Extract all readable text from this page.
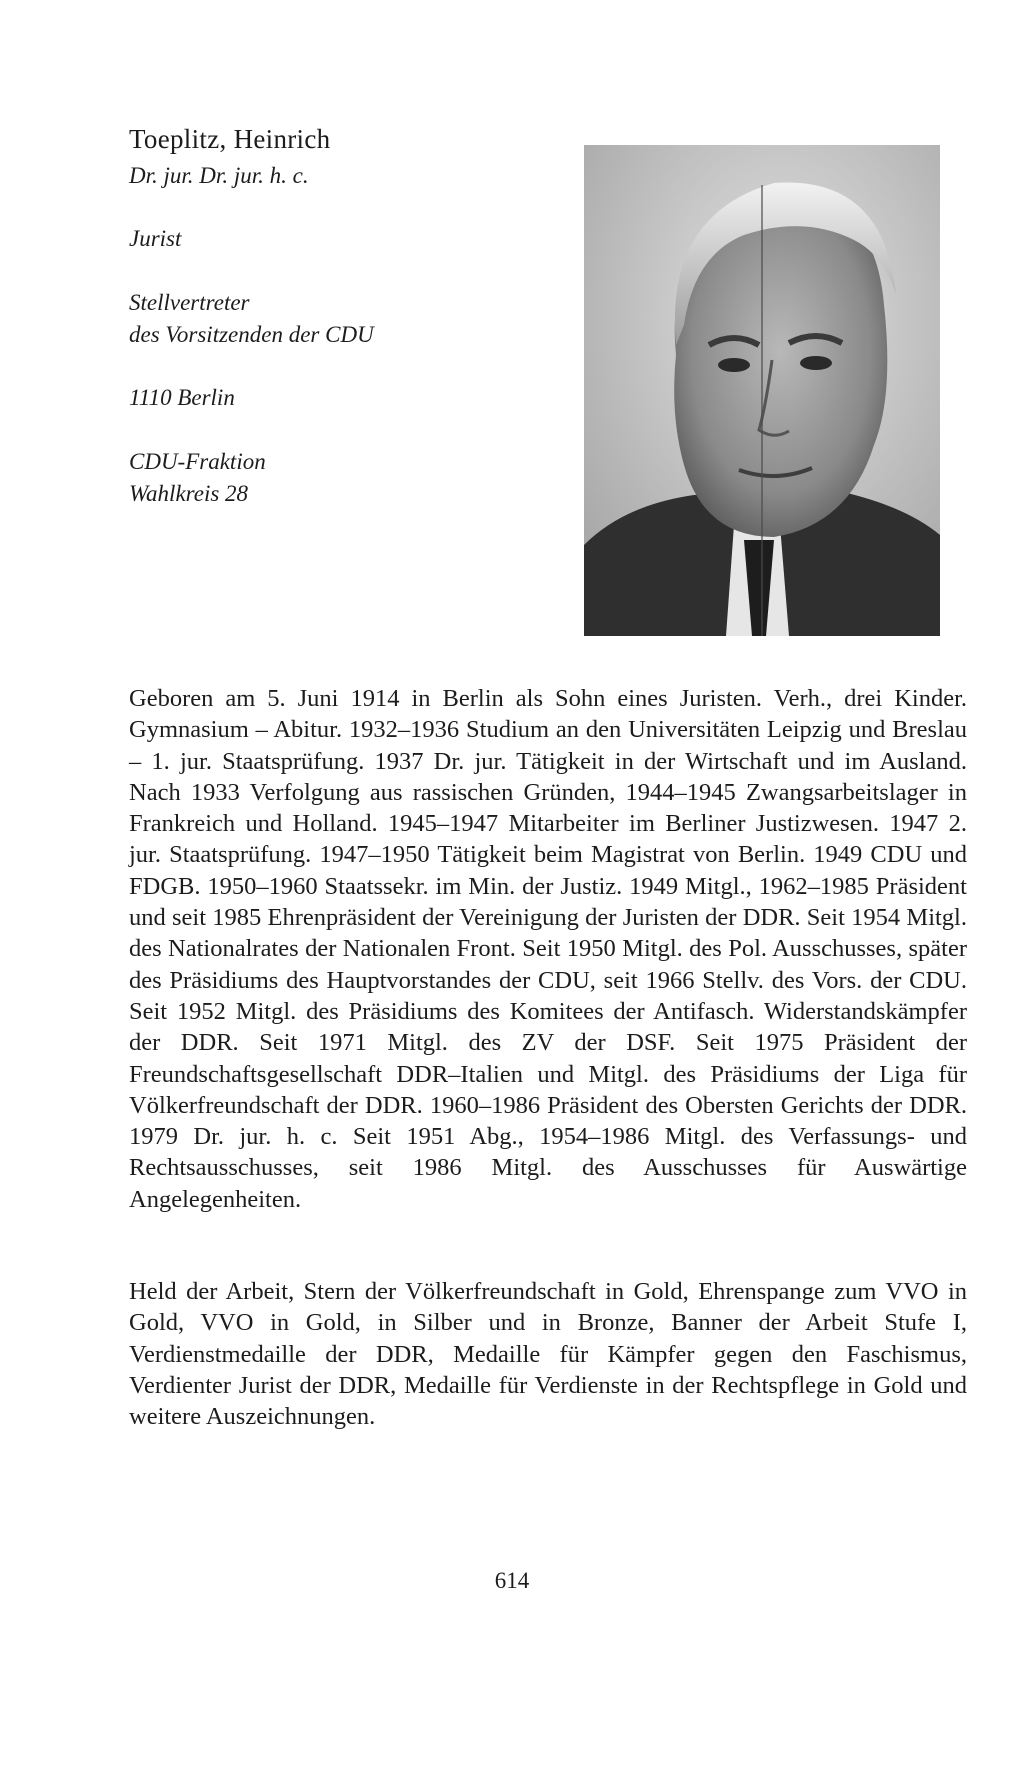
Toeplitz, Heinrich
Dr. jur. Dr. jur. h. c.
Jurist
Stellvertreter
des Vorsitzenden der CDU
1110 Berlin
CDU-Fraktion
Wahlkreis 28

Geboren am 5. Juni 1914 in Berlin als Sohn eines Juristen. Verh., drei Kinder. Gymnasium – Abitur. 1932–1936 Studium an den Universitäten Leipzig und Breslau – 1. jur. Staatsprüfung. 1937 Dr. jur. Tätigkeit in der Wirtschaft und im Ausland. Nach 1933 Verfolgung aus rassischen Gründen, 1944–1945 Zwangsarbeitslager in Frankreich und Holland. 1945–1947 Mitarbeiter im Berliner Justizwesen. 1947 2. jur. Staatsprüfung. 1947–1950 Tätigkeit beim Magistrat von Berlin. 1949 CDU und FDGB. 1950–1960 Staatssekr. im Min. der Justiz. 1949 Mitgl., 1962–1985 Präsident und seit 1985 Ehrenpräsident der Vereinigung der Juristen der DDR. Seit 1954 Mitgl. des Nationalrates der Nationalen Front. Seit 1950 Mitgl. des Pol. Ausschusses, später des Präsidiums des Hauptvorstandes der CDU, seit 1966 Stellv. des Vors. der CDU. Seit 1952 Mitgl. des Präsidiums des Komitees der Antifasch. Widerstandskämpfer der DDR. Seit 1971 Mitgl. des ZV der DSF. Seit 1975 Präsident der Freundschaftsgesellschaft DDR–Italien und Mitgl. des Präsidiums der Liga für Völkerfreundschaft der DDR. 1960–1986 Präsident des Obersten Gerichts der DDR. 1979 Dr. jur. h. c. Seit 1951 Abg., 1954–1986 Mitgl. des Verfassungs- und Rechtsausschusses, seit 1986 Mitgl. des Ausschusses für Auswärtige Angelegenheiten.

Held der Arbeit, Stern der Völkerfreundschaft in Gold, Ehrenspange zum VVO in Gold, VVO in Gold, in Silber und in Bronze, Banner der Arbeit Stufe I, Verdienstmedaille der DDR, Medaille für Kämpfer gegen den Faschismus, Verdienter Jurist der DDR, Medaille für Verdienste in der Rechtspflege in Gold und weitere Auszeichnungen.

614
